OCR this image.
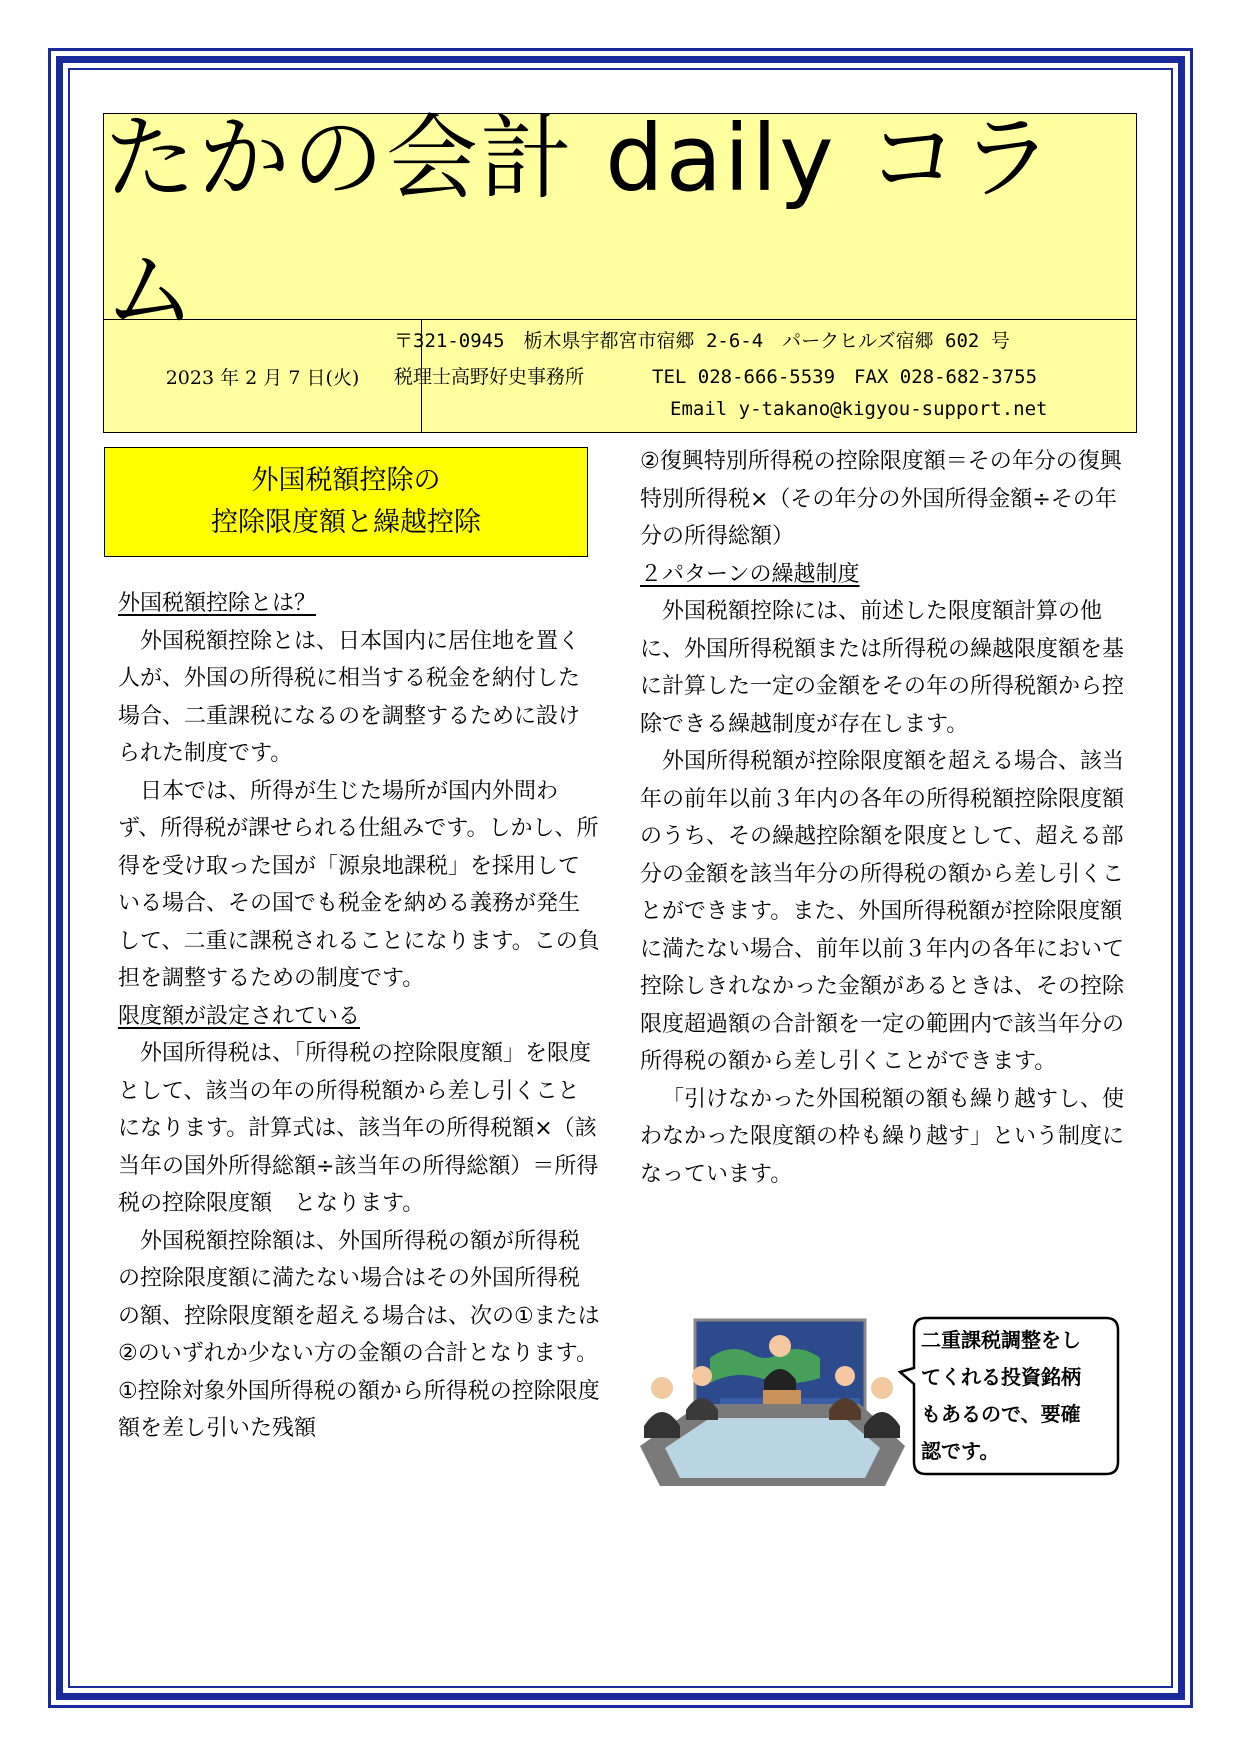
たかの会計 daily コラム
2023 年 2 月 7 日(火)
〒321-0945　栃木県宇都宮市宿郷 2-6-4　パークヒルズ宿郷 602 号
税理士高野好史事務所	TEL 028-666-5539　FAX 028-682-3755
Email y-takano@kigyou-support.net
外国税額控除の
控除限度額と繰越控除

外国税額控除とは？

外国税額控除とは、日本国内に居住地を置く人が、外国の所得税に相当する税金を納付した場合、二重課税になるのを調整するために設けられた制度です。

日本では、所得が生じた場所が国内外問わず、所得税が課せられる仕組みです。しかし、所得を受け取った国が「源泉地課税」を採用している場合、その国でも税金を納める義務が発生して、二重に課税されることになります。この負担を調整するための制度です。

限度額が設定されている

外国所得税は、「所得税の控除限度額」を限度として、該当の年の所得税額から差し引くことになります。計算式は、該当年の所得税額×（該当年の国外所得総額÷該当年の所得総額）＝所得税の控除限度額　となります。

外国税額控除額は、外国所得税の額が所得税の控除限度額に満たない場合はその外国所得税の額、控除限度額を超える場合は、次の①または②のいずれか少ない方の金額の合計となります。

①控除対象外国所得税の額から所得税の控除限度額を差し引いた残額

②復興特別所得税の控除限度額＝その年分の復興特別所得税×（その年分の外国所得金額÷その年分の所得総額）

２パターンの繰越制度

外国税額控除には、前述した限度額計算の他に、外国所得税額または所得税の繰越限度額を基に計算した一定の金額をその年の所得税額から控除できる繰越制度が存在します。

外国所得税額が控除限度額を超える場合、該当年の前年以前３年内の各年の所得税額控除限度額のうち、その繰越控除額を限度として、超える部分の金額を該当年分の所得税の額から差し引くことができます。また、外国所得税額が控除限度額に満たない場合、前年以前３年内の各年において控除しきれなかった金額があるときは、その控除限度超過額の合計額を一定の範囲内で該当年分の所得税の額から差し引くことができます。

「引けなかった外国税額の額も繰り越すし、使わなかった限度額の枠も繰り越す」という制度になっています。

二重課税調整をし

てくれる投資銘柄

もあるので、要確

認です。
